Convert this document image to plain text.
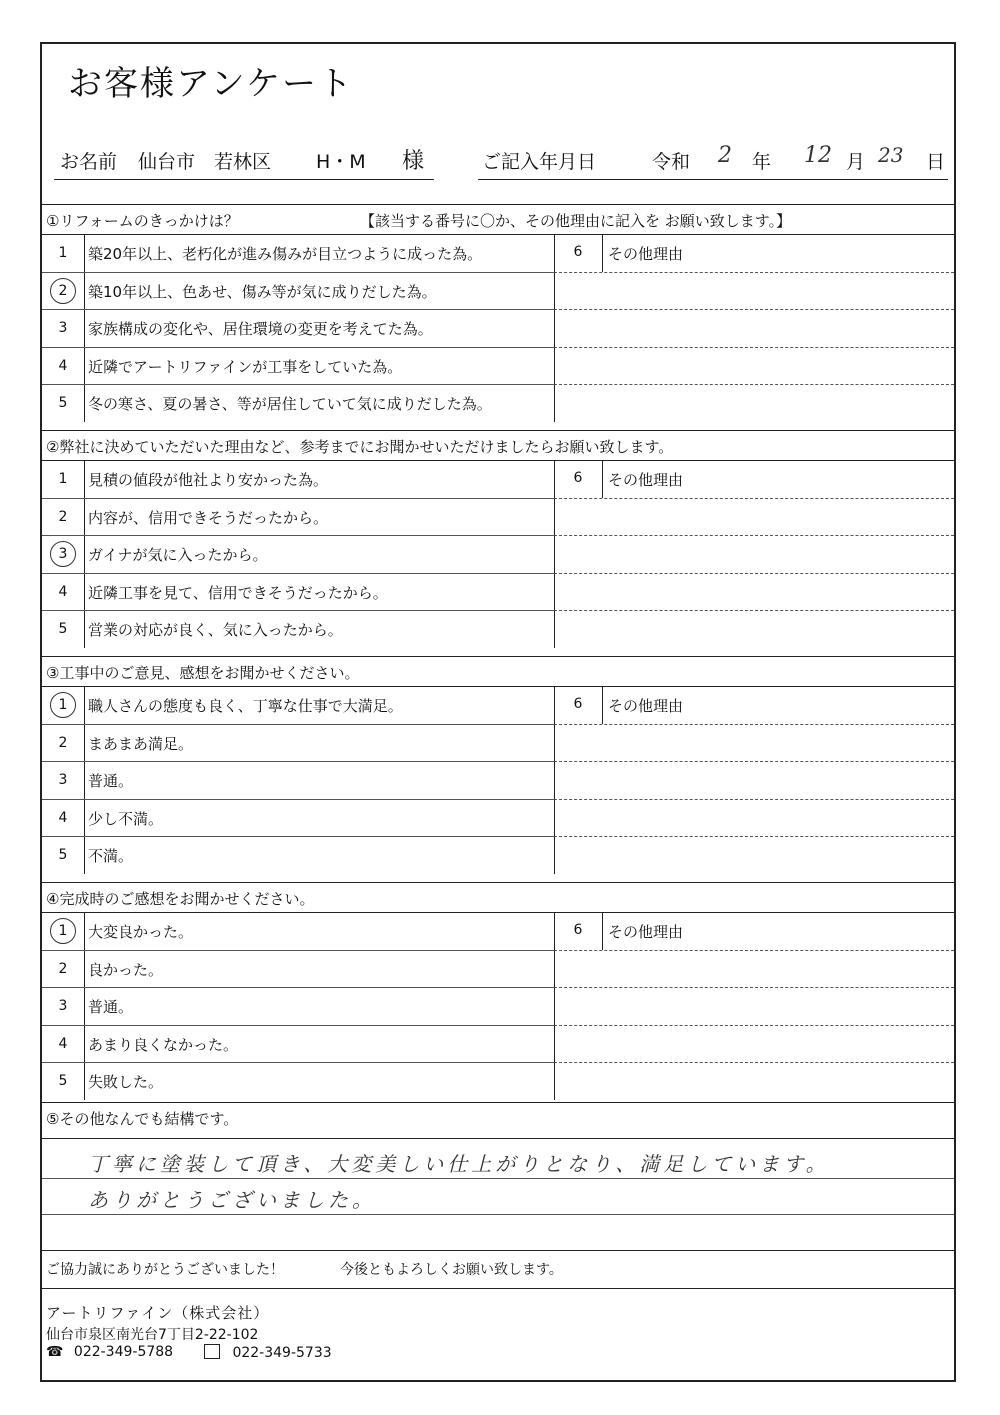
お客様アンケート
お名前 仙台市 若林区 H・M 様	ご記入年月日	令和 2 年 12 月 23 日
①リフォームのきっかけは？	【該当する番号に〇か、その他理由に記入を お願い致します。】
6	その他理由
1	築20年以上、老朽化が進み傷みが目立つように成った為。
2	築10年以上、色あせ、傷み等が気に成りだした為。
3	家族構成の変化や、居住環境の変更を考えてた為。
4	近隣でアートリファインが工事をしていた為。
5	冬の寒さ、夏の暑さ、等が居住していて気に成りだした為。
②弊社に決めていただいた理由など、参考までにお聞かせいただけましたらお願い致します。
6	その他理由
1	見積の値段が他社より安かった為。
2	内容が、信用できそうだったから。
3	ガイナが気に入ったから。
4	近隣工事を見て、信用できそうだったから。
5	営業の対応が良く、気に入ったから。
③工事中のご意見、感想をお聞かせください。
6	その他理由
1	職人さんの態度も良く、丁寧な仕事で大満足。
2	まあまあ満足。
3	普通。
4	少し不満。
5	不満。
④完成時のご感想をお聞かせください。
6	その他理由
1	大変良かった。
2	良かった。
3	普通。
4	あまり良くなかった。
5	失敗した。
⑤その他なんでも結構です。
丁寧に塗装して頂き、大変美しい仕上がりとなり、満足しています。
ありがとうございました。
ご協力誠にありがとうございました！	今後ともよろしくお願い致します。
アートリファイン（株式会社）
仙台市泉区南光台7丁目2-22-102
☎ 022-349-5788	022-349-5733
